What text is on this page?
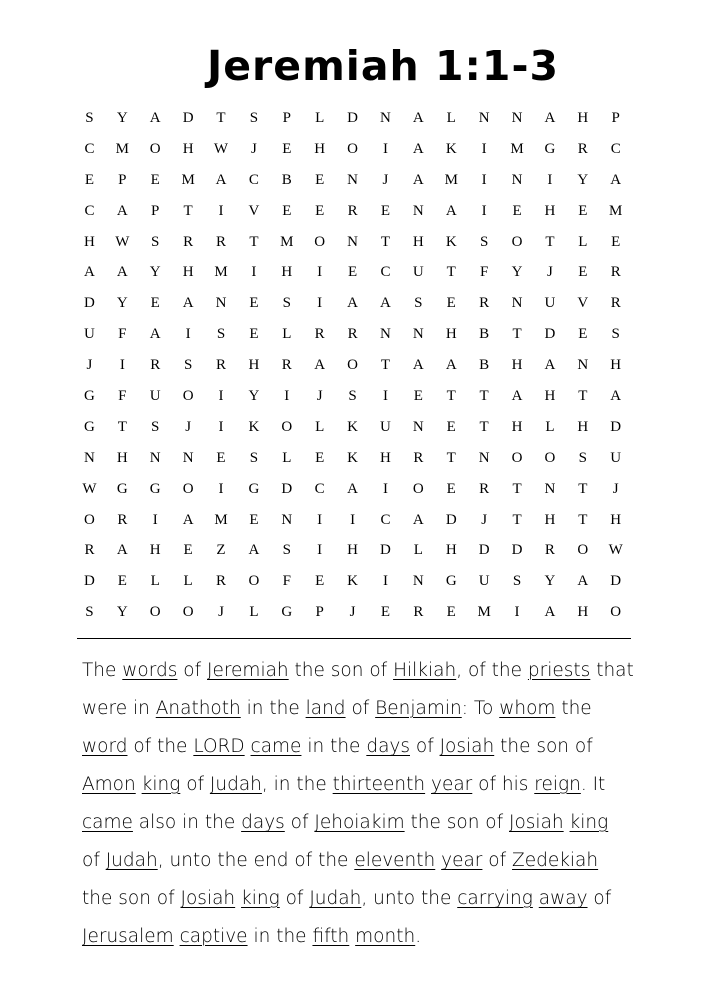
Jeremiah 1:1-3
S	Y	A	D	T	S	P	L	D	N	A	L	N	N	A	H	P
C	M	O	H	W	J	E	H	O	I	A	K	I	M	G	R	C
E	P	E	M	A	C	B	E	N	J	A	M	I	N	I	Y	A
C	A	P	T	I	V	E	E	R	E	N	A	I	E	H	E	M
H	W	S	R	R	T	M	O	N	T	H	K	S	O	T	L	E
A	A	Y	H	M	I	H	I	E	C	U	T	F	Y	J	E	R
D	Y	E	A	N	E	S	I	A	A	S	E	R	N	U	V	R
U	F	A	I	S	E	L	R	R	N	N	H	B	T	D	E	S
J	I	R	S	R	H	R	A	O	T	A	A	B	H	A	N	H
G	F	U	O	I	Y	I	J	S	I	E	T	T	A	H	T	A
G	T	S	J	I	K	O	L	K	U	N	E	T	H	L	H	D
N	H	N	N	E	S	L	E	K	H	R	T	N	O	O	S	U
W	G	G	O	I	G	D	C	A	I	O	E	R	T	N	T	J
O	R	I	A	M	E	N	I	I	C	A	D	J	T	H	T	H
R	A	H	E	Z	A	S	I	H	D	L	H	D	D	R	O	W
D	E	L	L	R	O	F	E	K	I	N	G	U	S	Y	A	D
S	Y	O	O	J	L	G	P	J	E	R	E	M	I	A	H	O
The words of Jeremiah the son of Hilkiah, of the priests that
were in Anathoth in the land of Benjamin: To whom the
word of the LORD came in the days of Josiah the son of
Amon king of Judah, in the thirteenth year of his reign. It
came also in the days of Jehoiakim the son of Josiah king
of Judah, unto the end of the eleventh year of Zedekiah
the son of Josiah king of Judah, unto the carrying away of
Jerusalem captive in the fifth month.
